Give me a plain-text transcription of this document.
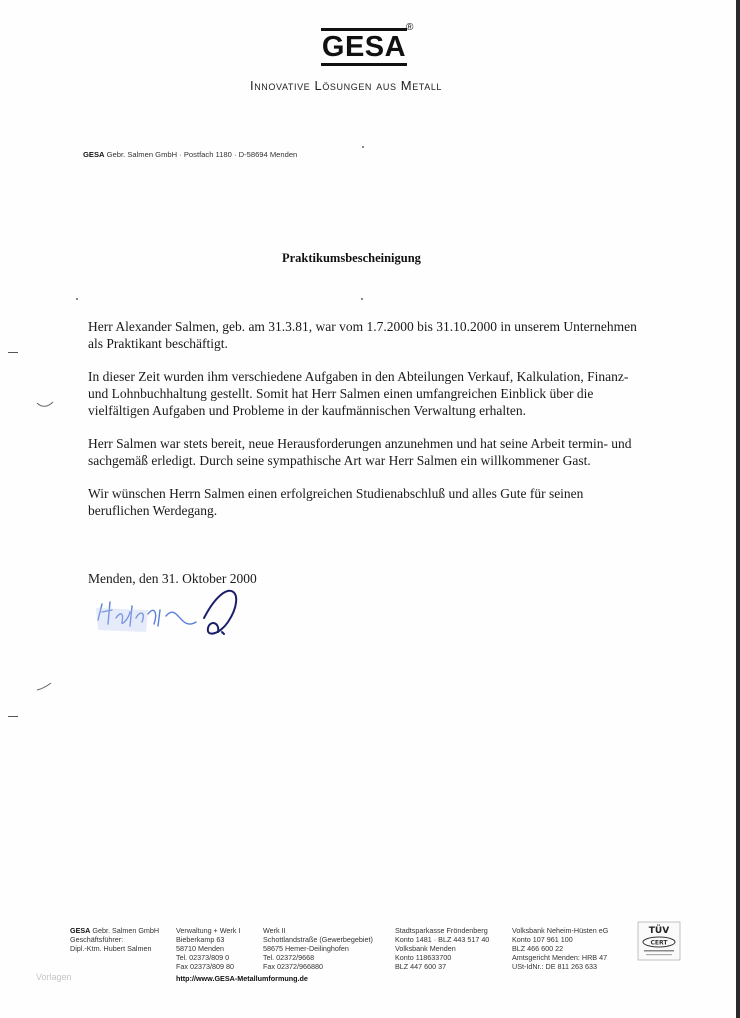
GESA
®
Innovative Lösungen aus Metall
GESA Gebr. Salmen GmbH · Postfach 1180 · D-58694 Menden
Praktikumsbescheinigung

Herr Alexander Salmen, geb. am 31.3.81, war vom 1.7.2000 bis 31.10.2000 in unserem Unternehmen als Praktikant beschäftigt.

In dieser Zeit wurden ihm verschiedene Aufgaben in den Abteilungen Verkauf, Kalkulation, Finanz- und Lohnbuchhaltung gestellt. Somit hat Herr Salmen einen umfangreichen Einblick über die vielfältigen Aufgaben und Probleme in der kaufmännischen Verwaltung erhalten.

Herr Salmen war stets bereit, neue Herausforderungen anzunehmen und hat seine Arbeit termin- und sachgemäß erledigt. Durch seine sympathische Art war Herr Salmen ein willkommener Gast.

Wir wünschen Herrn Salmen einen erfolgreichen Studienabschluß und alles Gute für seinen beruflichen Werdegang.

Menden, den 31. Oktober 2000
GESA Gebr. Salmen GmbH
Geschäftsführer:
Dipl.-Ktm. Hubert Salmen
Verwaltung + Werk I
Bieberkamp 63
58710 Menden
Tel. 02373/809 0
Fax 02373/809 80
Werk II
Schottlandstraße (Gewerbegebiet)
58675 Hemer-Deilinghofen
Tel. 02372/9668
Fax 02372/966880
Stadtsparkasse Fröndenberg
Konto 1481 · BLZ 443 517 40
Volksbank Menden
Konto 118633700
BLZ 447 600 37
Volksbank Neheim-Hüsten eG
Konto 107 961 100
BLZ 466 600 22
Amtsgericht Menden: HRB 47
USt-IdNr.: DE 811 263 633
http://www.GESA-Metallumformung.de
TÜV
CERT
Vorlagen
